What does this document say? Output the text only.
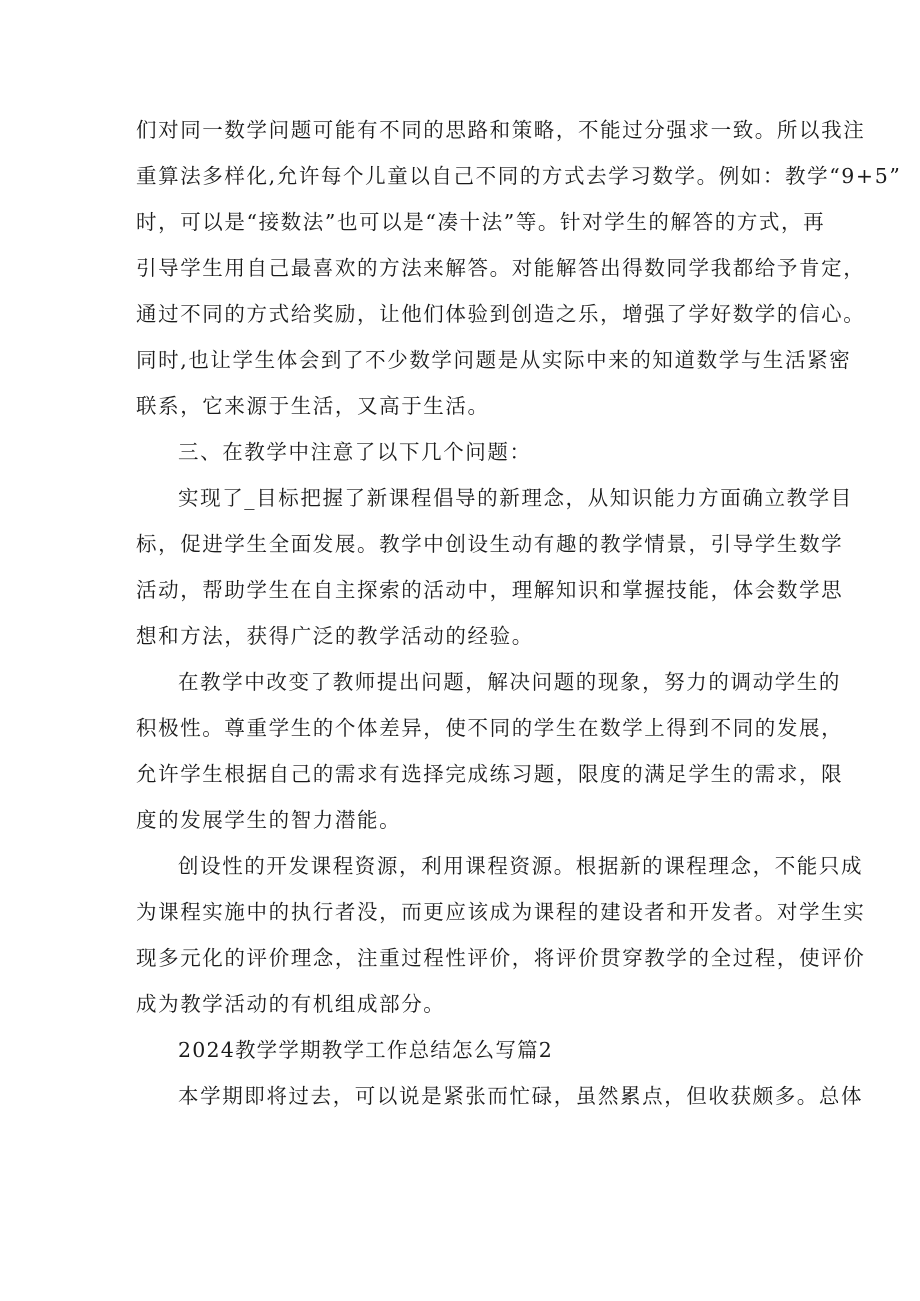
们对同一数学问题可能有不同的思路和策略，不能过分强求一致。所以我注
重算法多样化,允许每个儿童以自己不同的方式去学习数学。例如：教学“9+5”
时，可以是“接数法”也可以是“凑十法”等。针对学生的解答的方式，再
引导学生用自己最喜欢的方法来解答。对能解答出得数同学我都给予肯定，
通过不同的方式给奖励，让他们体验到创造之乐，增强了学好数学的信心。
同时,也让学生体会到了不少数学问题是从实际中来的知道数学与生活紧密
联系，它来源于生活，又高于生活。
三、在教学中注意了以下几个问题：
实现了_目标把握了新课程倡导的新理念，从知识能力方面确立教学目
标，促进学生全面发展。教学中创设生动有趣的教学情景，引导学生数学
活动，帮助学生在自主探索的活动中，理解知识和掌握技能，体会数学思
想和方法，获得广泛的教学活动的经验。
在教学中改变了教师提出问题，解决问题的现象，努力的调动学生的
积极性。尊重学生的个体差异，使不同的学生在数学上得到不同的发展，
允许学生根据自己的需求有选择完成练习题，限度的满足学生的需求，限
度的发展学生的智力潜能。
创设性的开发课程资源，利用课程资源。根据新的课程理念，不能只成
为课程实施中的执行者没，而更应该成为课程的建设者和开发者。对学生实
现多元化的评价理念，注重过程性评价，将评价贯穿教学的全过程，使评价
成为教学活动的有机组成部分。
2024教学学期教学工作总结怎么写篇2
本学期即将过去，可以说是紧张而忙碌，虽然累点，但收获颇多。总体
